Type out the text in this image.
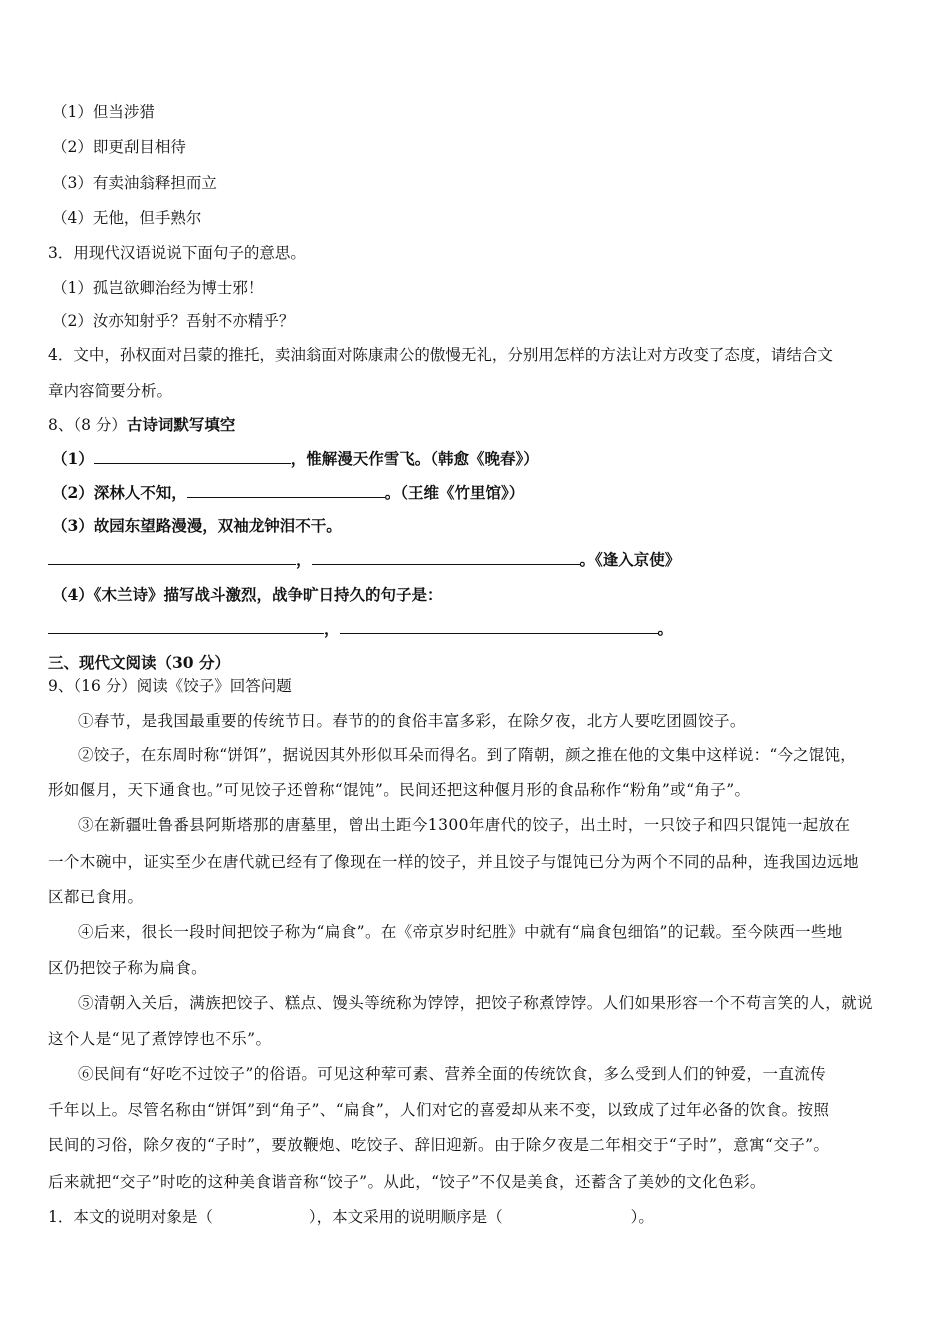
（1）但当涉猎
（2）即更刮目相待
（3）有卖油翁释担而立
（4）无他，但手熟尔
3．用现代汉语说说下面句子的意思。
（1）孤岂欲卿治经为博士邪！
（2）汝亦知射乎？吾射不亦精乎？
4．文中，孙权面对吕蒙的推托，卖油翁面对陈康肃公的傲慢无礼，分别用怎样的方法让对方改变了态度，请结合文
章内容简要分析。
8、（8 分）古诗词默写填空
（1）	，惟解漫天作雪飞。（韩愈《晚春》）
（2）深林人不知，	。（王维《竹里馆》）
（3）故园东望路漫漫，双袖龙钟泪不干。
，	。《逢入京使》
（4）《木兰诗》描写战斗激烈，战争旷日持久的句子是：
，	。
三、现代文阅读（30 分）
9、（16 分）阅读《饺子》回答问题
①春节，是我国最重要的传统节日。春节的的食俗丰富多彩，在除夕夜，北方人要吃团圆饺子。
②饺子，在东周时称“饼饵”，据说因其外形似耳朵而得名。到了隋朝，颜之推在他的文集中这样说：“今之馄饨，
形如偃月，天下通食也。”可见饺子还曾称“馄饨”。民间还把这种偃月形的食品称作“粉角”或“角子”。
③在新疆吐鲁番县阿斯塔那的唐墓里，曾出土距今1300年唐代的饺子，出土时，一只饺子和四只馄饨一起放在
一个木碗中，证实至少在唐代就已经有了像现在一样的饺子，并且饺子与馄饨已分为两个不同的品种，连我国边远地
区都已食用。
④后来，很长一段时间把饺子称为“扁食”。在《帝京岁时纪胜》中就有“扁食包细馅”的记载。至今陕西一些地
区仍把饺子称为扁食。
⑤清朝入关后，满族把饺子、糕点、馒头等统称为饽饽，把饺子称煮饽饽。人们如果形容一个不苟言笑的人，就说
这个人是“见了煮饽饽也不乐”。
⑥民间有“好吃不过饺子”的俗语。可见这种荤可素、营养全面的传统饮食，多么受到人们的钟爱，一直流传
千年以上。尽管名称由“饼饵”到“角子”、“扁食”，人们对它的喜爱却从来不变，以致成了过年必备的饮食。按照
民间的习俗，除夕夜的“子时”，要放鞭炮、吃饺子、辞旧迎新。由于除夕夜是二年相交于“子时”，意寓“交子”。
后来就把“交子”时吃的这种美食谐音称“饺子”。从此，“饺子”不仅是美食，还蓄含了美妙的文化色彩。
1．本文的说明对象是（	），本文采用的说明顺序是（	）。
